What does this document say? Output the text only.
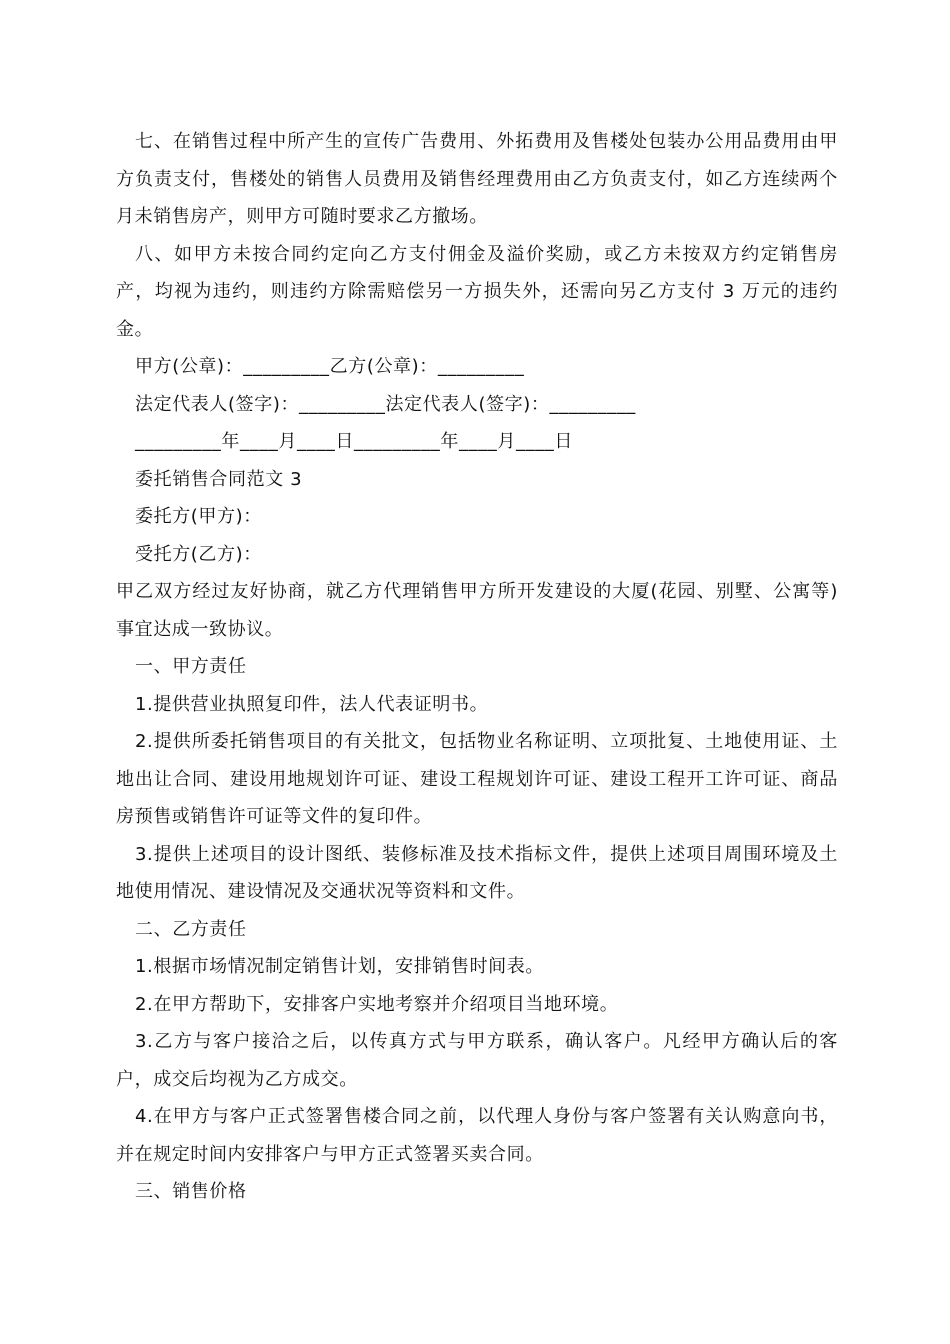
七、在销售过程中所产生的宣传广告费用、外拓费用及售楼处包装办公用品费用由甲方负责支付，售楼处的销售人员费用及销售经理费用由乙方负责支付，如乙方连续两个月未销售房产，则甲方可随时要求乙方撤场。

八、如甲方未按合同约定向乙方支付佣金及溢价奖励，或乙方未按双方约定销售房产，均视为违约，则违约方除需赔偿另一方损失外，还需向另乙方支付 3 万元的违约金。

甲方(公章)：_________乙方(公章)：_________

法定代表人(签字)：_________法定代表人(签字)：_________

_________年____月____日_________年____月____日

委托销售合同范文 3

委托方(甲方)：

受托方(乙方)：

甲乙双方经过友好协商，就乙方代理销售甲方所开发建设的大厦(花园、别墅、公寓等)事宜达成一致协议。

一、甲方责任

1.提供营业执照复印件，法人代表证明书。

2.提供所委托销售项目的有关批文，包括物业名称证明、立项批复、土地使用证、土地出让合同、建设用地规划许可证、建设工程规划许可证、建设工程开工许可证、商品房预售或销售许可证等文件的复印件。

3.提供上述项目的设计图纸、装修标准及技术指标文件，提供上述项目周围环境及土地使用情况、建设情况及交通状况等资料和文件。

二、乙方责任

1.根据市场情况制定销售计划，安排销售时间表。

2.在甲方帮助下，安排客户实地考察并介绍项目当地环境。

3.乙方与客户接洽之后，以传真方式与甲方联系，确认客户。凡经甲方确认后的客户，成交后均视为乙方成交。

4.在甲方与客户正式签署售楼合同之前，以代理人身份与客户签署有关认购意向书，并在规定时间内安排客户与甲方正式签署买卖合同。

三、销售价格
